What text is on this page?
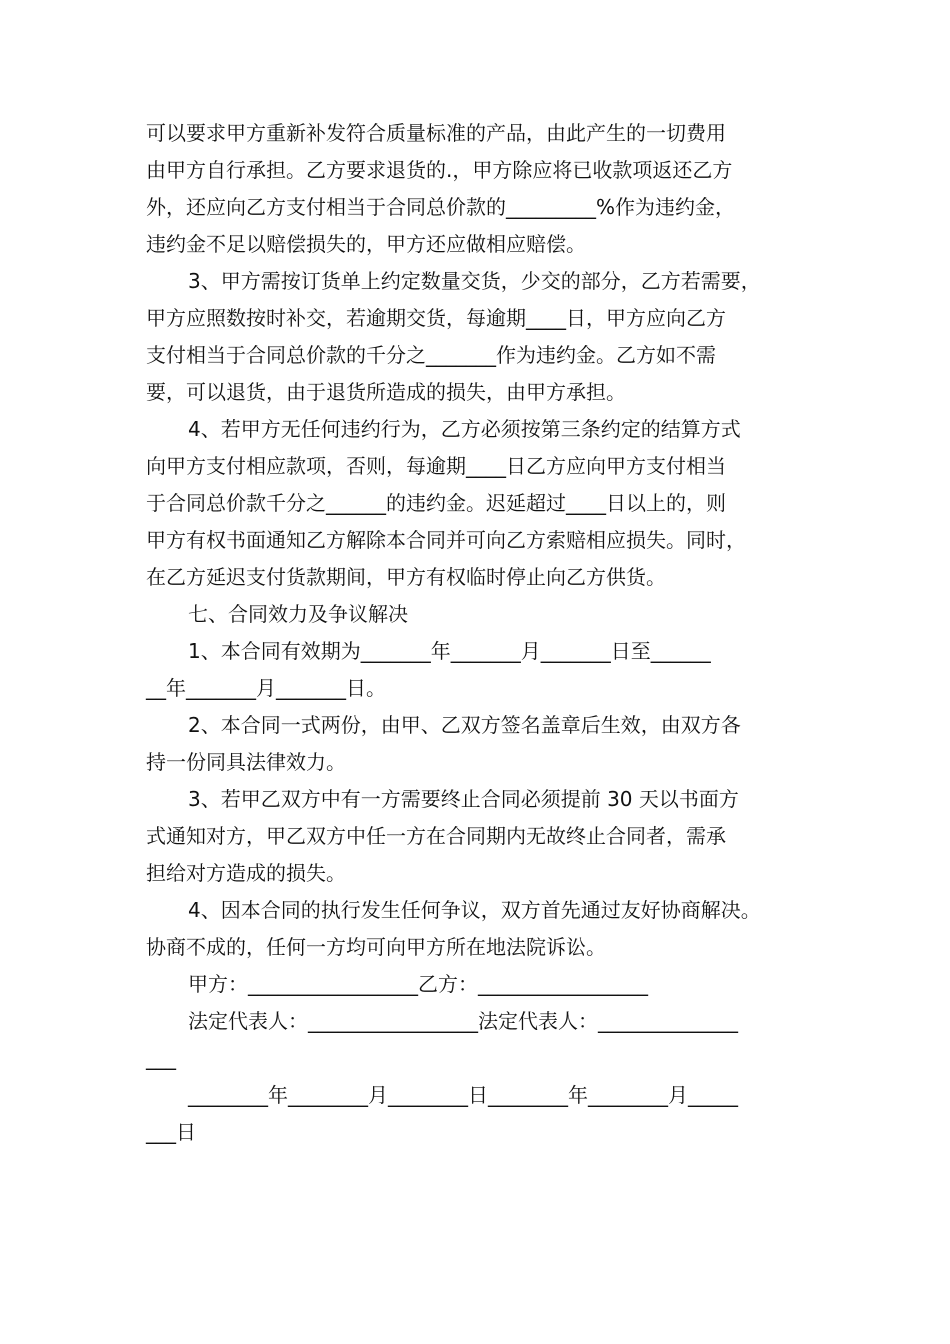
可以要求甲方重新补发符合质量标准的产品，由此产生的一切费用
由甲方自行承担。乙方要求退货的.，甲方除应将已收款项返还乙方
外，还应向乙方支付相当于合同总价款的_________%作为违约金，
违约金不足以赔偿损失的，甲方还应做相应赔偿。
3、甲方需按订货单上约定数量交货，少交的部分，乙方若需要，
甲方应照数按时补交，若逾期交货，每逾期____日，甲方应向乙方
支付相当于合同总价款的千分之_______作为违约金。乙方如不需
要，可以退货，由于退货所造成的损失，由甲方承担。
4、若甲方无任何违约行为，乙方必须按第三条约定的结算方式
向甲方支付相应款项，否则，每逾期____日乙方应向甲方支付相当
于合同总价款千分之______的违约金。迟延超过____日以上的，则
甲方有权书面通知乙方解除本合同并可向乙方索赔相应损失。同时，
在乙方延迟支付货款期间，甲方有权临时停止向乙方供货。
七、合同效力及争议解决
1、本合同有效期为_______年_______月_______日至______
__年_______月_______日。
2、本合同一式两份，由甲、乙双方签名盖章后生效，由双方各
持一份同具法律效力。
3、若甲乙双方中有一方需要终止合同必须提前 30 天以书面方
式通知对方，甲乙双方中任一方在合同期内无故终止合同者，需承
担给对方造成的损失。
4、因本合同的执行发生任何争议，双方首先通过友好协商解决。
协商不成的，任何一方均可向甲方所在地法院诉讼。
甲方：_________________乙方：_________________
法定代表人：_________________法定代表人：______________
___
________年________月________日________年________月_____
___日
